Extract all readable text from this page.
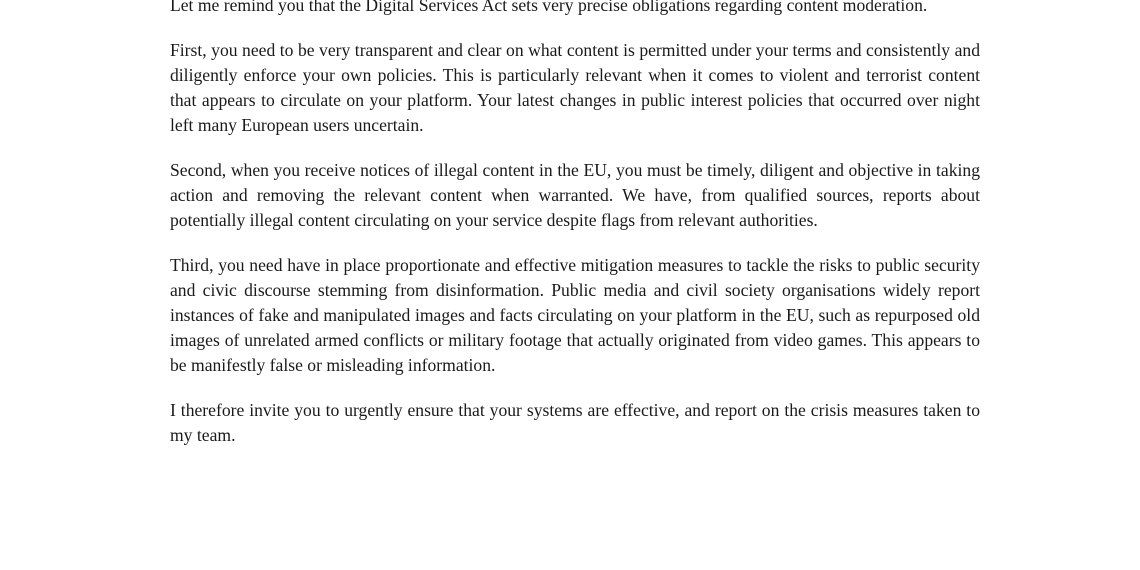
Let me remind you that the Digital Services Act sets very precise obligations regarding content moderation.

First, you need to be very transparent and clear on what content is permitted under your terms and consistently and diligently enforce your own policies. This is particularly relevant when it comes to violent and terrorist content that appears to circulate on your platform. Your latest changes in public interest policies that occurred over night left many European users uncertain.

Second, when you receive notices of illegal content in the EU, you must be timely, diligent and objective in taking action and removing the relevant content when warranted. We have, from qualified sources, reports about potentially illegal content circulating on your service despite flags from relevant authorities.

Third, you need have in place proportionate and effective mitigation measures to tackle the risks to public security and civic discourse stemming from disinformation. Public media and civil society organisations widely report instances of fake and manipulated images and facts circulating on your platform in the EU, such as repurposed old images of unrelated armed conflicts or military footage that actually originated from video games. This appears to be manifestly false or misleading information.

I therefore invite you to urgently ensure that your systems are effective, and report on the crisis measures taken to my team.
